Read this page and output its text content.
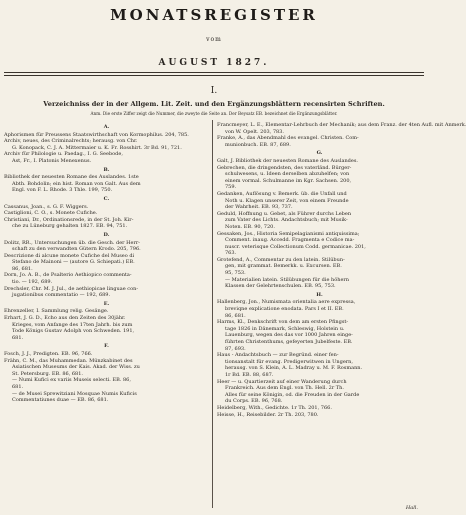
MONATSREGISTER
vom
AUGUST 1827.
I.
Verzeichniss der in der Allgem. Lit. Zeit. und den Ergänzungsblättern recensirten Schriften.
Anm. Die erste Ziffer zeigt die Nummer, die zweyte die Seite an. Der Beysatz EB. bezeichnet die Ergänzungsblätter.
A.
Aphorismen für Preussens Staatswirthschaft von Kormophilus. 204, 785.
Archiv, neues, des Criminalrechts; herausg. von Chr.
G. Konopack, C. J. A. Mittermaier u. K. Fr. Rosshirt. 3r Bd. 91, 721.
Archiv für Philologie u. Paedag., I. G. Seebode,
Ast, Fr., I. Platonis Menexenus.
B.
Bibliothek der neuesten Romane des Auslandes. 1ste
Abth. Bohdolin; ein hist. Roman von Galt. Aus dem
Engl. von F. L. Rhode. 3 Thle. 199, 750.
C.
Cassanus, Joan., s. G. F. Wiggers.
Castiglioni, C. O., s. Monete Cufiche.
Christiani, Dr., Ordinationsrede, in der St. Joh. Kir-
che zu Lüneburg gehalten 1827. EB. 94, 751.
D.
Dolitz, RR., Untersuchungen üb. die Gesch. der Herr-
schaft zu den verwandten Gütern Krodo. 205, 796.
Descrizione di alcune monete Cufiche del Museo di
Stefano de Mainoni — (autore G. Schiepati.) EB.
86, 681.
Dorn, Jo. A. B., de Psalterio Aethiopico commenta-
tio. — 192, 689.
Drechsler, Chr. M. J. Jul., de aethiopicae linguae con-
jugationibus commentatio — 192, 689.
E.
Ehrenzeller, I. Sammlung relig. Gesänge.
Erhart, J. G. D., Echo aus den Zeiten des 30jähr.
Krieges, vom Anfange des 17ten Jahrh. bis zum
Tode Königs Gustav Adolph von Schweden. 191,
681.
F.
Fosch, J. J., Predigten. EB. 96, 766.
Frähn, C. M., das Muhammedan. Münzkabinet des
Asiatischen Museums der Kais. Akad. der Wiss. zu
St. Petersburg. EB. 86, 681.
— Numi Kufici ex variis Museis selecti. EB. 86,
681.
— de Musei Sprewitziani Mosquae Numis Kuficis
Commentatiunes duae — EB. 86, 681.
Francmeyer, L. E., Elementar-Lehrbuch der Mechanik; aus dem Franz. der 4ten Aufl. mit Anmerk.
von W. Opelt. 203, 783.
Franke, A., das Abendmahl des evangel. Christen. Com-
munionbuch. EB. 87, 689.
G.
Galt, J. Bibliothek der neuesten Romane des Auslandes.
Gebrechen, die dringendsten, des vaterländ. Bürger-
schulwesens, u. Ideen derselben abzuhelfen; von
einem vormal. Schulmanne im Kgr. Sachsen. 200,
759.
Gedanken, Auflösung v. Bemerk. üb. die Unfall und
Noth u. Klagen unserer Zeit, von einem Freunde
der Wahrheit. EB. 93, 737.
Geduld, Hoffnung u. Gebet, als Führer durchs Leben
zum Vater des Lichts. Andachtsbuch; mit Musik-
Noten. EB. 90, 720.
Gessaken, Jos., Historia Semipelagianismi antiquissima;
Comment. inaug. Accedd. Fragmenta e Codice ma-
nuscr. veterisque Collectionum Codd. germanicae. 201,
763.
Grotefend, A., Commentar zu den latein. Stilübun-
gen, mit grammat. Bemerkk. u. Excursen. EB.
95, 753.
— Materialien latein. Stilübungen für die höhern
Klassen der Gelehrtenschulen. EB. 95, 753.
H.
Hallenberg, Jon., Numismata orientalia aere expressa,
breviqne explicatione enodata. Pars I et II. EB.
86, 681.
Harms, Kl., Denkschrift von dem am ersten Pfingst-
tage 1826 in Dänemark, Schleswig, Holstein u.
Lauenburg, wegen des das vor 1000 Jahren einge-
führten Christenthums, gefeyerten Jubelfeste. EB.
87, 693.
Haus - Andachtsbuch — zur Begründ. einer fen-
tionsanstalt für evang. Predigerwitwen in Ungern,
herausg. von S. Klein, A. L. Madray u. M. F. Rosmann.
1r Bd. EB. 88, 687.
Heer — u. Quartierzeit auf einer Wanderung durch
Frankreich. Aus dem Engl. von Th. Hell. 2r Th.
Alles für seine Königin, od. die Freuden in der Garde
du Corps. EB. 96, 768.
Heidelberg, With., Gedichte. 1r Th. 201, 766.
Heisse, H., Reisebilder. 2r Th. 203, 780.
Hall.
